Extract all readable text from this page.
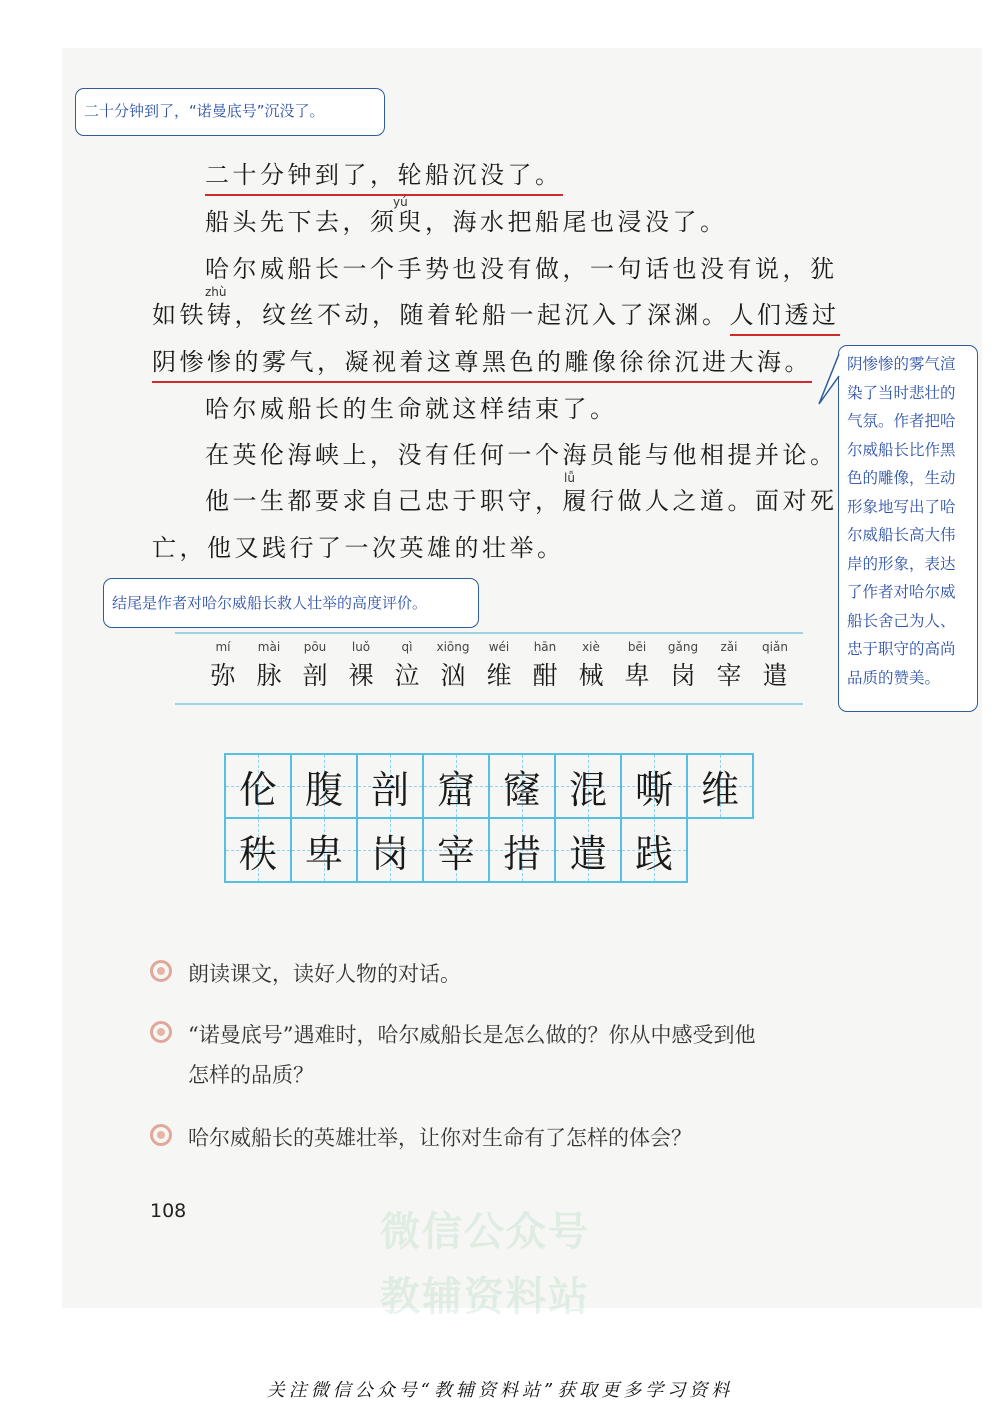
微信公众号
教辅资料站
二十分钟到了，“诺曼底号”沉没了。
二十分钟到了，轮船沉没了。
yú
船头先下去，须臾，海水把船尾也浸没了。
哈尔威船长一个手势也没有做，一句话也没有说，犹
zhù
如铁铸，纹丝不动，随着轮船一起沉入了深渊。人们透过
阴惨惨的雾气，凝视着这尊黑色的雕像徐徐沉进大海。
哈尔威船长的生命就这样结束了。
在英伦海峡上，没有任何一个海员能与他相提并论。
lǚ
他一生都要求自己忠于职守，履行做人之道。面对死
亡，他又践行了一次英雄的壮举。
结尾是作者对哈尔威船长救人壮举的高度评价。
阴惨惨的雾气渲
染了当时悲壮的
气氛。作者把哈
尔威船长比作黑
色的雕像，生动
形象地写出了哈
尔威船长高大伟
岸的形象，表达
了作者对哈尔威
船长舍己为人、
忠于职守的高尚
品质的赞美。
mí
弥
mài
脉
pōu
剖
luǒ
裸
qì
泣
xiōng
汹
wéi
维
hān
酣
xiè
械
bēi
卑
gǎng
岗
zǎi
宰
qiǎn
遣
伦 腹 剖 窟 窿 混 嘶 维
秩 卑 岗 宰 措 遣 践
朗读课文，读好人物的对话。
“诺曼底号”遇难时，哈尔威船长是怎么做的？你从中感受到他
怎样的品质？
哈尔威船长的英雄壮举，让你对生命有了怎样的体会？
108
关注微信公众号“教辅资料站”获取更多学习资料
